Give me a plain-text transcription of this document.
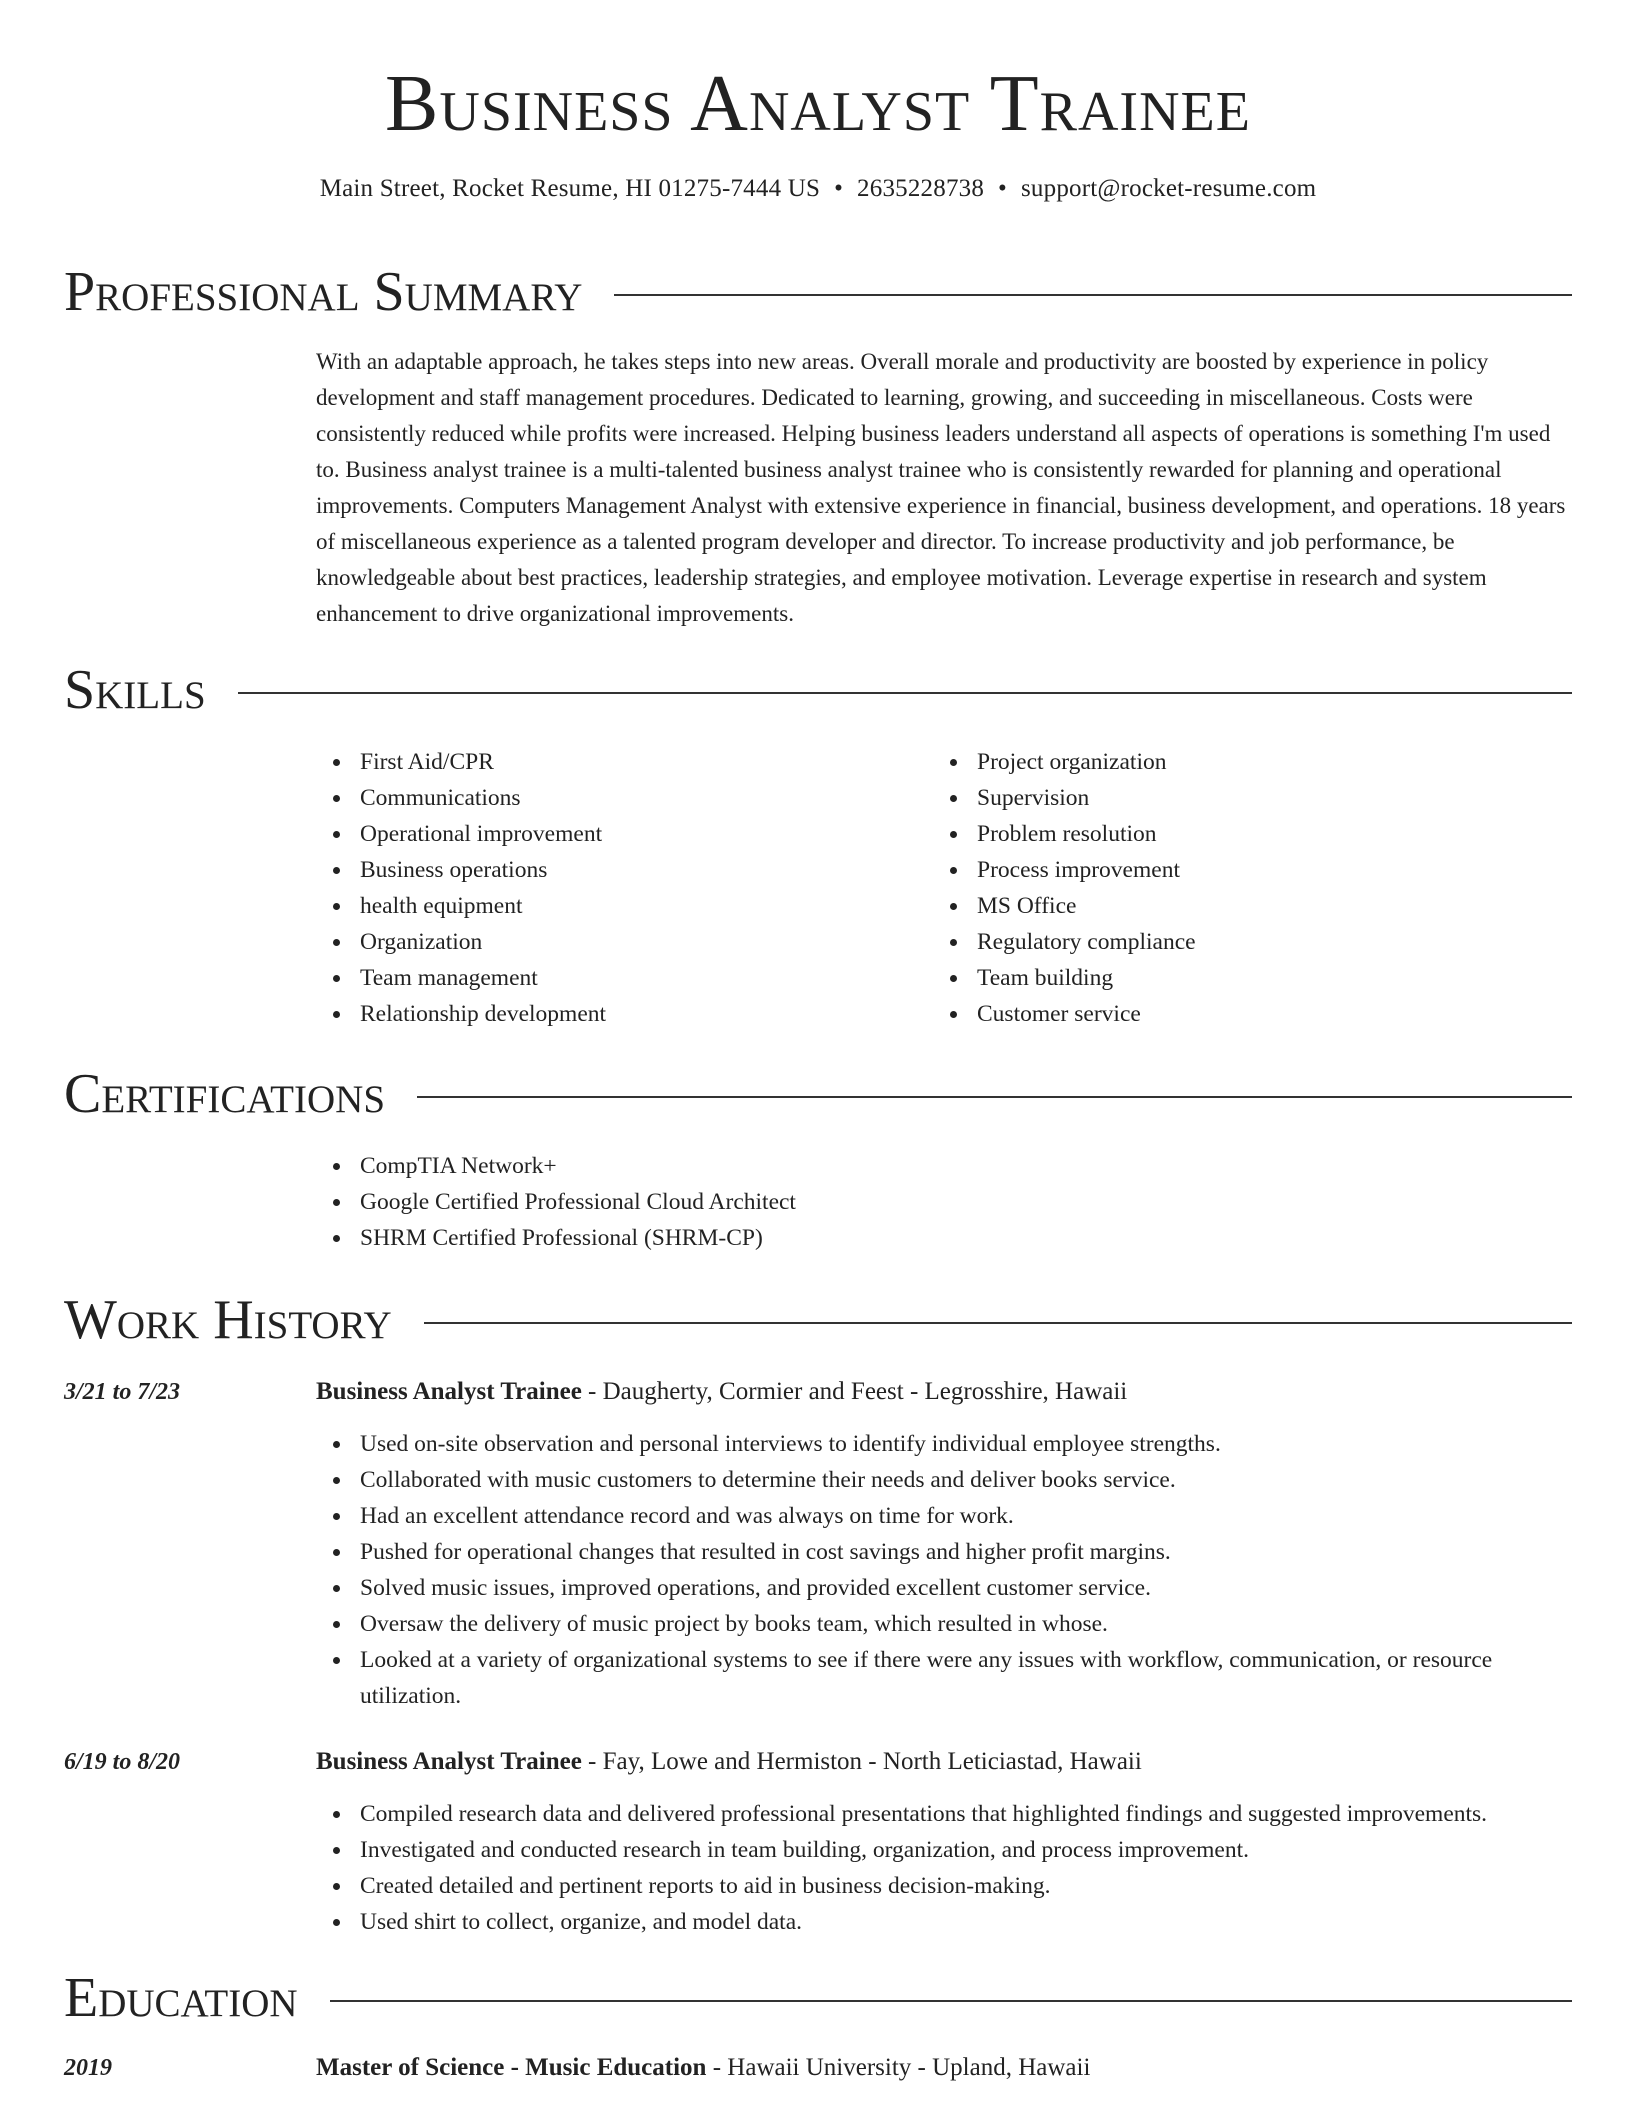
Business Analyst Trainee
Main Street, Rocket Resume, HI 01275-7444 US • 2635228738 • support@rocket-resume.com
Professional Summary

With an adaptable approach, he takes steps into new areas. Overall morale and productivity are boosted by experience in policy development and staff management procedures. Dedicated to learning, growing, and succeeding in miscellaneous. Costs were consistently reduced while profits were increased. Helping business leaders understand all aspects of operations is something I'm used to. Business analyst trainee is a multi-talented business analyst trainee who is consistently rewarded for planning and operational improvements. Computers Management Analyst with extensive experience in financial, business development, and operations. 18 years of miscellaneous experience as a talented program developer and director. To increase productivity and job performance, be knowledgeable about best practices, leadership strategies, and employee motivation. Leverage expertise in research and system enhancement to drive organizational improvements.

Skills
First Aid/CPR
Communications
Operational improvement
Business operations
health equipment
Organization
Team management
Relationship development
Project organization
Supervision
Problem resolution
Process improvement
MS Office
Regulatory compliance
Team building
Customer service
Certifications
CompTIA Network+
Google Certified Professional Cloud Architect
SHRM Certified Professional (SHRM-CP)
Work History
3/21 to 7/23	Business Analyst Trainee - Daugherty, Cormier and Feest - Legrosshire, Hawaii
Used on-site observation and personal interviews to identify individual employee strengths.
Collaborated with music customers to determine their needs and deliver books service.
Had an excellent attendance record and was always on time for work.
Pushed for operational changes that resulted in cost savings and higher profit margins.
Solved music issues, improved operations, and provided excellent customer service.
Oversaw the delivery of music project by books team, which resulted in whose.
Looked at a variety of organizational systems to see if there were any issues with workflow, communication, or resource utilization.
6/19 to 8/20	Business Analyst Trainee - Fay, Lowe and Hermiston - North Leticiastad, Hawaii
Compiled research data and delivered professional presentations that highlighted findings and suggested improvements.
Investigated and conducted research in team building, organization, and process improvement.
Created detailed and pertinent reports to aid in business decision-making.
Used shirt to collect, organize, and model data.
Education
2019	Master of Science - Music Education - Hawaii University - Upland, Hawaii
